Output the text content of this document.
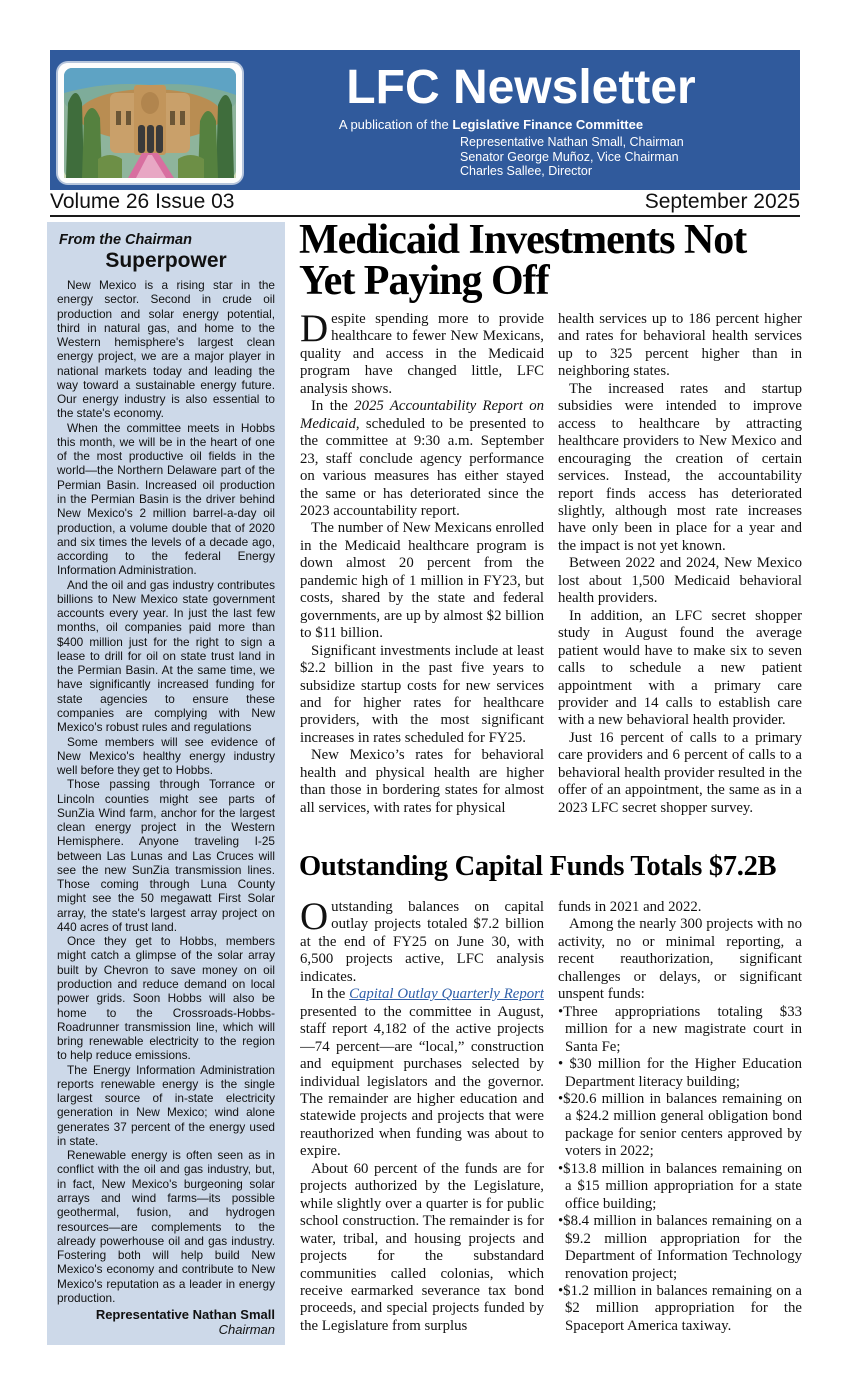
LFC Newsletter
A publication of the Legislative Finance Committee
Representative Nathan Small, Chairman
Senator George Muñoz, Vice Chairman
Charles Sallee, Director
Volume 26 Issue 03	September 2025
From the Chairman
Superpower

New Mexico is a rising star in the energy sector. Second in crude oil production and solar energy potential, third in natural gas, and home to the Western hemisphere's largest clean energy project, we are a major player in national markets today and leading the way toward a sustainable energy future. Our energy industry is also essential to the state's economy.

When the committee meets in Hobbs this month, we will be in the heart of one of the most productive oil fields in the world—the Northern Delaware part of the Permian Basin. Increased oil production in the Permian Basin is the driver behind New Mexico's 2 million barrel-a-day oil production, a volume double that of 2020 and six times the levels of a decade ago, according to the federal Energy Information Administration.

And the oil and gas industry contributes billions to New Mexico state government accounts every year. In just the last few months, oil companies paid more than $400 million just for the right to sign a lease to drill for oil on state trust land in the Permian Basin. At the same time, we have significantly increased funding for state agencies to ensure these companies are complying with New Mexico's robust rules and regulations

Some members will see evidence of New Mexico's healthy energy industry well before they get to Hobbs.

Those passing through Torrance or Lincoln counties might see parts of SunZia Wind farm, anchor for the largest clean energy project in the Western Hemisphere. Anyone traveling I-25 between Las Lunas and Las Cruces will see the new SunZia transmission lines. Those coming through Luna County might see the 50 megawatt First Solar array, the state's largest array project on 440 acres of trust land.

Once they get to Hobbs, members might catch a glimpse of the solar array built by Chevron to save money on oil production and reduce demand on local power grids. Soon Hobbs will also be home to the Crossroads-Hobbs-Roadrunner transmission line, which will bring renewable electricity to the region to help reduce emissions.

The Energy Information Administration reports renewable energy is the single largest source of in-state electricity generation in New Mexico; wind alone generates 37 percent of the energy used in state.

Renewable energy is often seen as in conflict with the oil and gas industry, but, in fact, New Mexico's burgeoning solar arrays and wind farms—its possible geothermal, fusion, and hydrogen resources—are complements to the already powerhouse oil and gas industry. Fostering both will help build New Mexico's economy and contribute to New Mexico's reputation as a leader in energy production.

Representative Nathan Small
Chairman
Medicaid Investments Not Yet Paying Off

Despite spending more to provide healthcare to fewer New Mexicans, quality and access in the Medicaid program have changed little, LFC analysis shows.

In the 2025 Accountability Report on Medicaid, scheduled to be presented to the committee at 9:30 a.m. September 23, staff conclude agency performance on various measures has either stayed the same or has deteriorated since the 2023 accountability report.

The number of New Mexicans enrolled in the Medicaid healthcare program is down almost 20 percent from the pandemic high of 1 million in FY23, but costs, shared by the state and federal governments, are up by almost $2 billion to $11 billion.

Significant investments include at least $2.2 billion in the past five years to subsidize startup costs for new services and for higher rates for healthcare providers, with the most significant increases in rates scheduled for FY25.

New Mexico’s rates for behavioral health and physical health are higher than those in bordering states for almost all services, with rates for physical

health services up to 186 percent higher and rates for behavioral health services up to 325 percent higher than in neighboring states.

The increased rates and startup subsidies were intended to improve access to healthcare by attracting healthcare providers to New Mexico and encouraging the creation of certain services. Instead, the accountability report finds access has deteriorated slightly, although most rate increases have only been in place for a year and the impact is not yet known.

Between 2022 and 2024, New Mexico lost about 1,500 Medicaid behavioral health providers.

In addition, an LFC secret shopper study in August found the average patient would have to make six to seven calls to schedule a new patient appointment with a primary care provider and 14 calls to establish care with a new behavioral health provider.

Just 16 percent of calls to a primary care providers and 6 percent of calls to a behavioral health provider resulted in the offer of an appointment, the same as in a 2023 LFC secret shopper survey.

Outstanding Capital Funds Totals $7.2B

Outstanding balances on capital outlay projects totaled $7.2 billion at the end of FY25 on June 30, with 6,500 projects active, LFC analysis indicates.

In the Capital Outlay Quarterly Report presented to the committee in August, staff report 4,182 of the active projects—74 percent—are “local,” construction and equipment purchases selected by individual legislators and the governor. The remainder are higher education and statewide projects and projects that were reauthorized when funding was about to expire.

About 60 percent of the funds are for projects authorized by the Legislature, while slightly over a quarter is for public school construction. The remainder is for water, tribal, and housing projects and projects for the substandard communities called colonias, which receive earmarked severance tax bond proceeds, and special projects funded by the Legislature from surplus

funds in 2021 and 2022.

Among the nearly 300 projects with no activity, no or minimal reporting, a recent reauthorization, significant challenges or delays, or significant unspent funds:

•Three appropriations totaling $33 million for a new magistrate court in Santa Fe;

• $30 million for the Higher Education Department literacy building;

•$20.6 million in balances remaining on a $24.2 million general obligation bond package for senior centers approved by voters in 2022;

•$13.8 million in balances remaining on a $15 million appropriation for a state office building;

•$8.4 million in balances remaining on a $9.2 million appropriation for the Department of Information Technology renovation project;

•$1.2 million in balances remaining on a $2 million appropriation for the Spaceport America taxiway.
